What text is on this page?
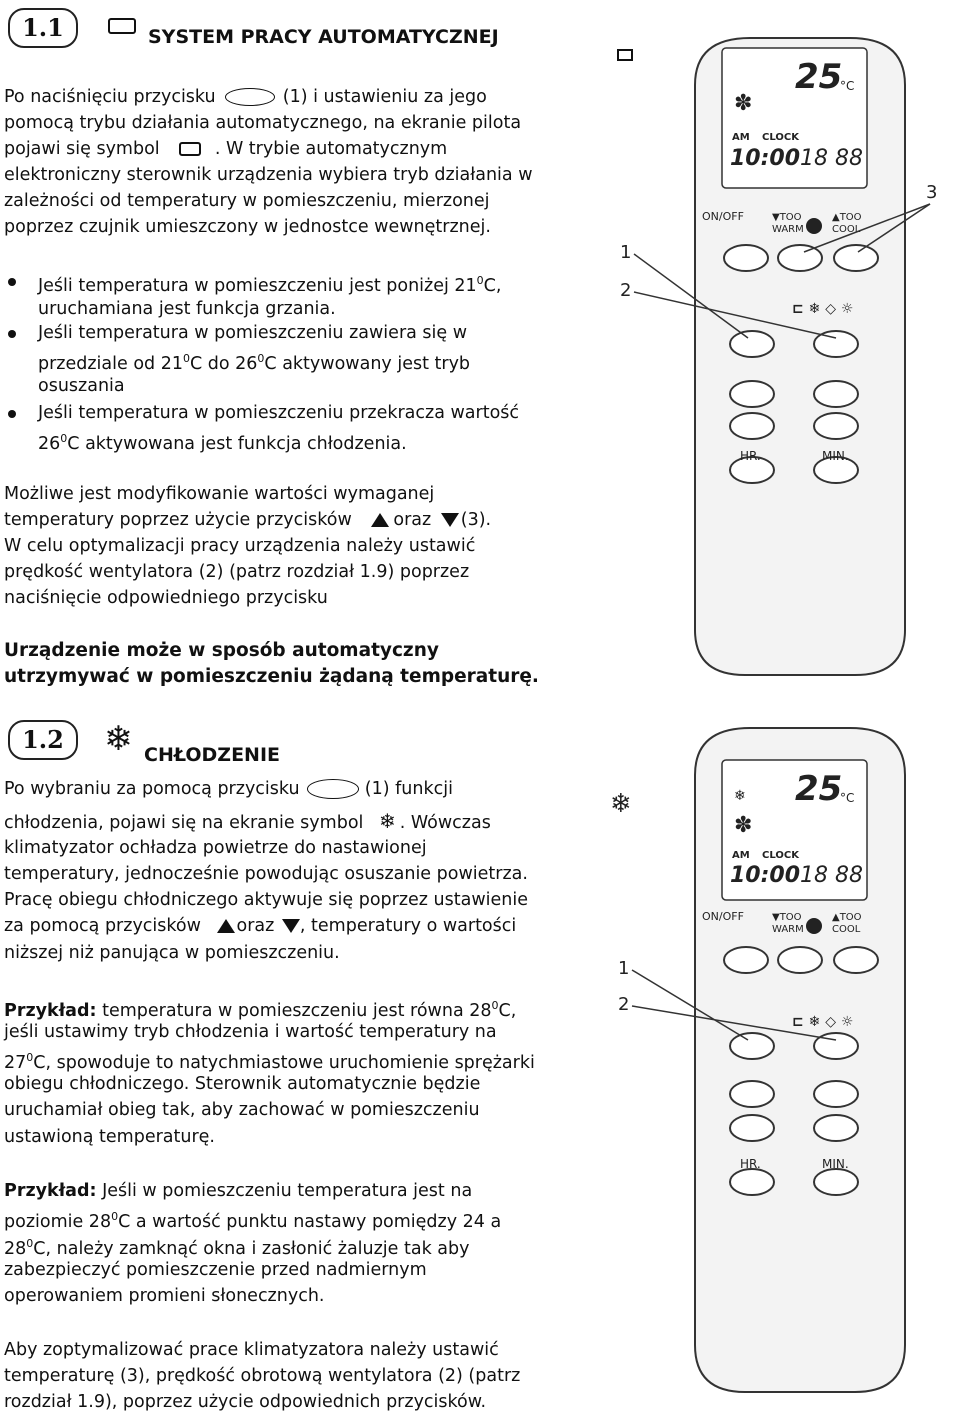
1.1	SYSTEM PRACY AUTOMATYCZNEJ
Po naciśnięciu przycisku	(1) i ustawieniu za jego
pomocą trybu działania automatycznego, na ekranie pilota
pojawi się symbol	. W trybie automatycznym
elektroniczny sterownik urządzenia wybiera tryb działania w
zależności od temperatury w pomieszczeniu, mierzonej
poprzez czujnik umieszczony w jednostce wewnętrznej.
Jeśli temperatura w pomieszczeniu jest poniżej $21^0C$,
uruchamiana jest funkcja grzania.
Jeśli temperatura w pomieszczeniu zawiera się w
przedziale od $21^0C$ do $26^0C$ aktywowany jest tryb
osuszania
Jeśli temperatura w pomieszczeniu przekracza wartość
$26^0C$ aktywowana jest funkcja chłodzenia.
Możliwe jest modyfikowanie wartości wymaganej
temperatury poprzez użycie przycisków oraz (3).
W celu optymalizacji pracy urządzenia należy ustawić
prędkość wentylatora (2) (patrz rozdział 1.9) poprzez
naciśnięcie odpowiedniego przycisku
Urządzenie może w sposób automatyczny
utrzymywać w pomieszczeniu żądaną temperaturę.
1.2	❄ CHŁODZENIE
Po wybraniu za pomocą przycisku	(1) funkcji
chłodzenia, pojawi się na ekranie symbol ❄ . Wówczas
klimatyzator ochładza powietrze do nastawionej
temperatury, jednocześnie powodując osuszanie powietrza.
Pracę obiegu chłodniczego aktywuje się poprzez ustawienie
za pomocą przycisków oraz , temperatury o wartości
niższej niż panująca w pomieszczeniu.
Przykład: temperatura w pomieszczeniu jest równa $28^0C$,
jeśli ustawimy tryb chłodzenia i wartość temperatury na
$27^0C$, spowoduje to natychmiastowe uruchomienie sprężarki
obiegu chłodniczego. Sterownik automatycznie będzie
uruchamiał obieg tak, aby zachować w pomieszczeniu
ustawioną temperaturę.
Przykład: Jeśli w pomieszczeniu temperatura jest na
poziomie $28^0C$ a wartość punktu nastawy pomiędzy 24 a
$28^0C$, należy zamknąć okna i zasłonić żaluzje tak aby
zabezpieczyć pomieszczenie przed nadmiernym
operowaniem promieni słonecznych.
Aby zoptymalizować prace klimatyzatora należy ustawić
temperaturę (3), prędkość obrotową wentylatora (2) (patrz
rozdział 1.9), poprzez użycie odpowiednich przycisków.
25
°C
AM CLOCK
10:00 18 88
✽
ON/OFF	▼TOO
WARM
▲TOO
COOL
⊏ ❄ ◇ ☼
HR.	MIN.
1
2
3
❄	25
°C
❄
✽
AM CLOCK
10:00 18 88
ON/OFF	▼TOO
WARM
▲TOO
COOL
⊏ ❄ ◇ ☼
HR.	MIN.
1
2
